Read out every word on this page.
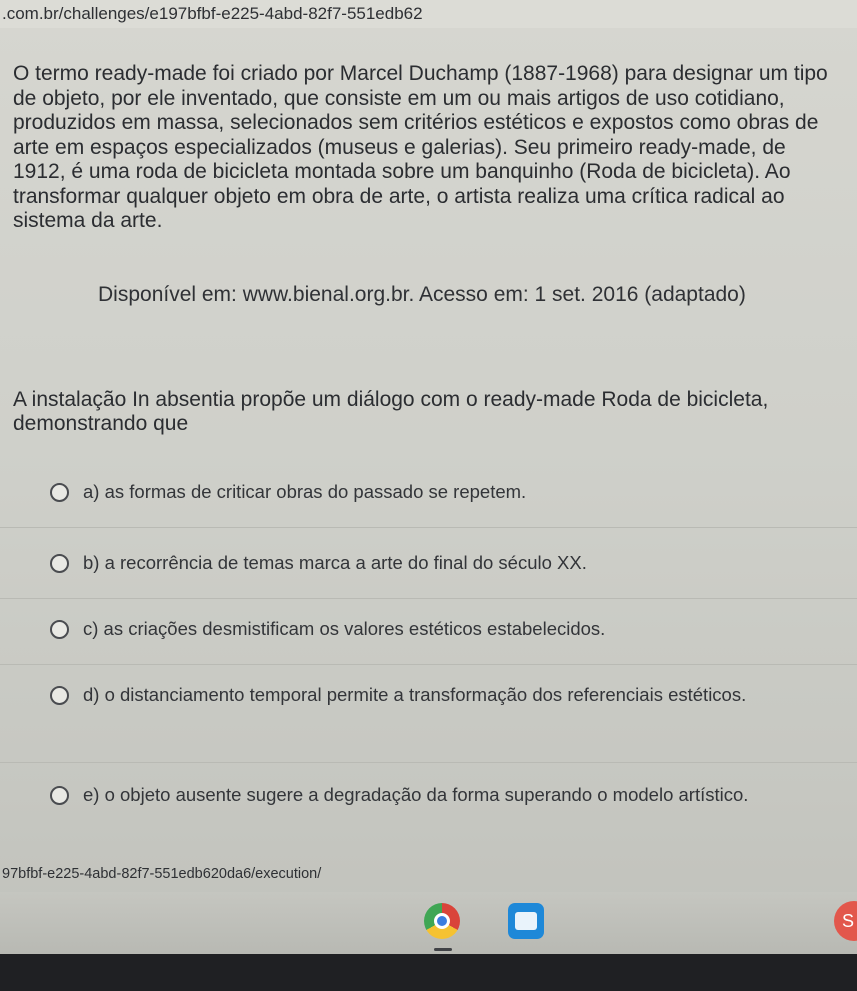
.com.br/challenges/e197bfbf-e225-4abd-82f7-551edb62
O termo ready-made foi criado por Marcel Duchamp (1887-1968) para designar um tipo de objeto, por ele inventado, que consiste em um ou mais artigos de uso cotidiano, produzidos em massa, selecionados sem critérios estéticos e expostos como obras de arte em espaços especializados (museus e galerias). Seu primeiro ready-made, de 1912, é uma roda de bicicleta montada sobre um banquinho (Roda de bicicleta). Ao transformar qualquer objeto em obra de arte, o artista realiza uma crítica radical ao sistema da arte.
Disponível em: www.bienal.org.br. Acesso em: 1 set. 2016 (adaptado)
A instalação In absentia propõe um diálogo com o ready-made Roda de bicicleta, demonstrando que
a) as formas de criticar obras do passado se repetem.
b) a recorrência de temas marca a arte do final do século XX.
c) as criações desmistificam os valores estéticos estabelecidos.
d) o distanciamento temporal permite a transformação dos referenciais estéticos.
e) o objeto ausente sugere a degradação da forma superando o modelo artístico.
97bfbf-e225-4abd-82f7-551edb620da6/execution/
S
